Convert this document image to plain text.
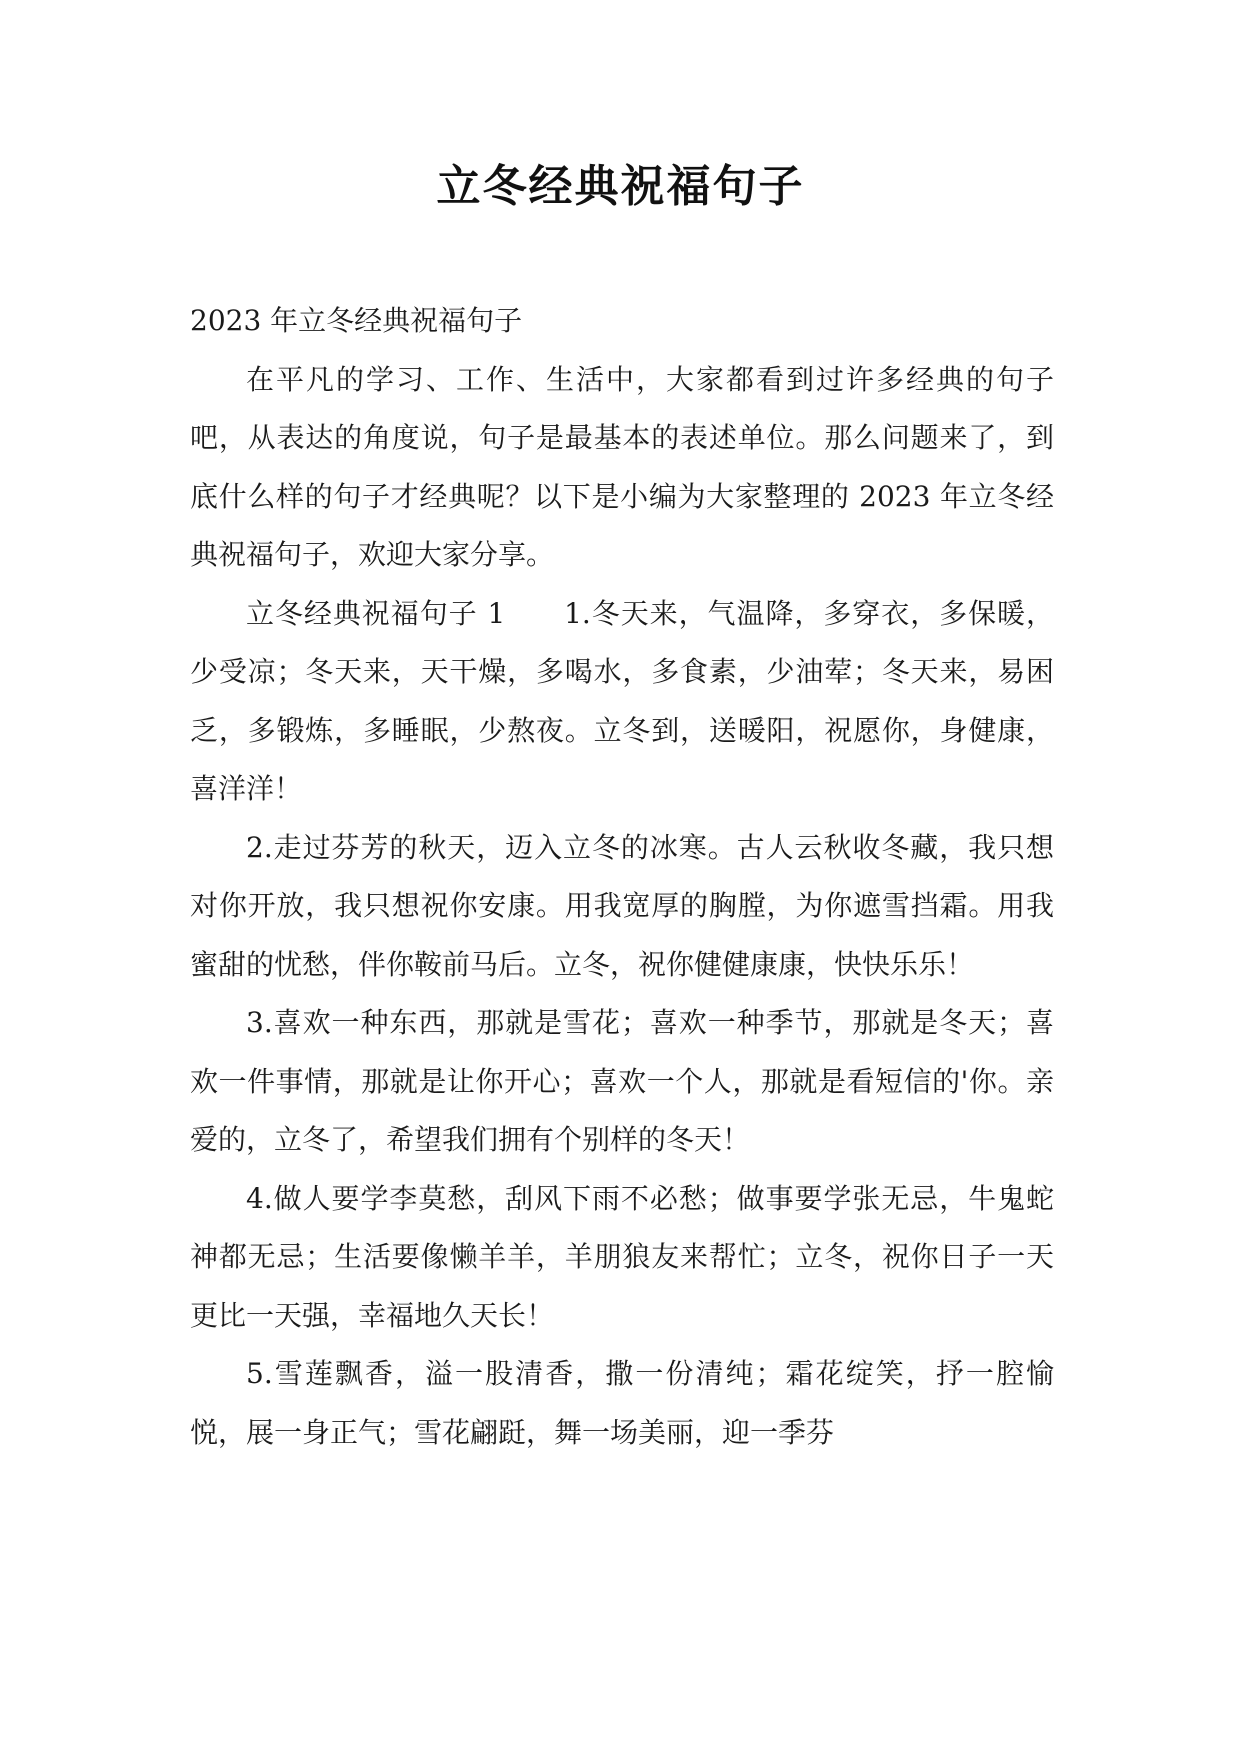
立冬经典祝福句子

2023 年立冬经典祝福句子

在平凡的学习、工作、生活中，大家都看到过许多经典的句子吧，从表达的角度说，句子是最基本的表述单位。那么问题来了，到底什么样的句子才经典呢？以下是小编为大家整理的 2023 年立冬经典祝福句子，欢迎大家分享。

立冬经典祝福句子 1　　1.冬天来，气温降，多穿衣，多保暖，少受凉；冬天来，天干燥，多喝水，多食素，少油荤；冬天来，易困乏，多锻炼，多睡眠，少熬夜。立冬到，送暖阳，祝愿你，身健康，喜洋洋！

2.走过芬芳的秋天，迈入立冬的冰寒。古人云秋收冬藏，我只想对你开放，我只想祝你安康。用我宽厚的胸膛，为你遮雪挡霜。用我蜜甜的忧愁，伴你鞍前马后。立冬，祝你健健康康，快快乐乐！

3.喜欢一种东西，那就是雪花；喜欢一种季节，那就是冬天；喜欢一件事情，那就是让你开心；喜欢一个人，那就是看短信的'你。亲爱的，立冬了，希望我们拥有个别样的冬天！

4.做人要学李莫愁，刮风下雨不必愁；做事要学张无忌，牛鬼蛇神都无忌；生活要像懒羊羊，羊朋狼友来帮忙；立冬，祝你日子一天更比一天强，幸福地久天长！

5.雪莲飘香，溢一股清香，撒一份清纯；霜花绽笑，抒一腔愉悦，展一身正气；雪花翩跹，舞一场美丽，迎一季芬
